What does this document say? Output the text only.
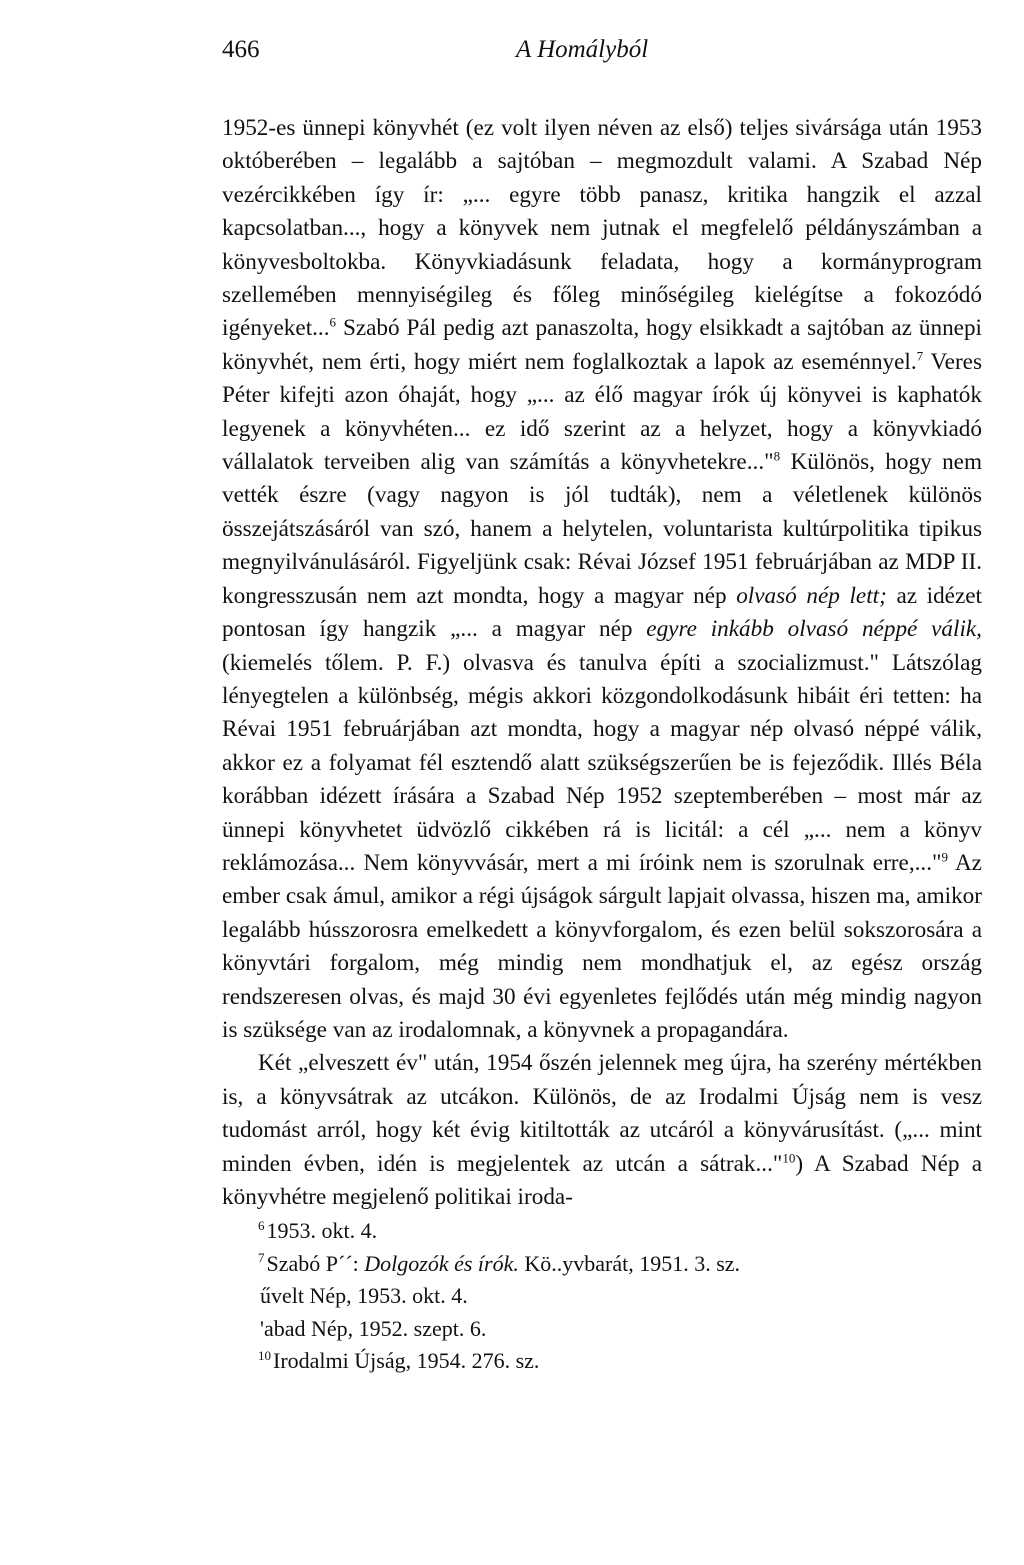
466	A Homályból

1952-es ünnepi könyvhét (ez volt ilyen néven az első) teljes sivársága után 1953 októberében – legalább a sajtóban – megmozdult valami. A Szabad Nép vezércikkében így ír: „... egyre több panasz, kritika hangzik el azzal kapcsolatban..., hogy a könyvek nem jutnak el megfelelő példányszámban a könyvesboltokba. Könyvkiadásunk feladata, hogy a kormányprogram szellemében mennyiségileg és főleg minőségileg kielégítse a fokozódó igényeket...$^6$ Szabó Pál pedig azt panaszolta, hogy elsikkadt a sajtóban az ünnepi könyvhét, nem érti, hogy miért nem foglalkoztak a lapok az eseménnyel.$^7$ Veres Péter kifejti azon óhaját, hogy „... az élő magyar írók új könyvei is kaphatók legyenek a könyvhéten... ez idő szerint az a helyzet, hogy a könyvkiadó vállalatok terveiben alig van számítás a könyvhetekre..."$^8$ Különös, hogy nem vették észre (vagy nagyon is jól tudták), nem a véletlenek különös összejátszásáról van szó, hanem a helytelen, voluntarista kultúrpolitika tipikus megnyilvánulásáról. Figyeljünk csak: Révai József 1951 februárjában az MDP II. kongresszusán nem azt mondta, hogy a magyar nép olvasó nép lett; az idézet pontosan így hangzik „... a magyar nép egyre inkább olvasó néppé válik, (kiemelés tőlem. P. F.) olvasva és tanulva építi a szocializmust." Látszólag lényegtelen a különbség, mégis akkori közgondolkodásunk hibáit éri tetten: ha Révai 1951 februárjában azt mondta, hogy a magyar nép olvasó néppé válik, akkor ez a folyamat fél esztendő alatt szükségszerűen be is fejeződik. Illés Béla korábban idézett írására a Szabad Nép 1952 szeptemberében – most már az ünnepi könyvhetet üdvözlő cikkében rá is licitál: a cél „... nem a könyv reklámozása... Nem könyvvásár, mert a mi íróink nem is szorulnak erre,..."$^9$ Az ember csak ámul, amikor a régi újságok sárgult lapjait olvassa, hiszen ma, amikor legalább hússzorosra emelkedett a könyvforgalom, és ezen belül sokszorosára a könyvtári forgalom, még mindig nem mondhatjuk el, az egész ország rendszeresen olvas, és majd 30 évi egyenletes fejlődés után még mindig nagyon is szüksége van az irodalomnak, a könyvnek a propagandára.

Két „elveszett év" után, 1954 őszén jelennek meg újra, ha szerény mértékben is, a könyvsátrak az utcákon. Különös, de az Irodalmi Újság nem is vesz tudomást arról, hogy két évig kitiltották az utcáról a könyvárusítást. („... mint minden évben, idén is megjelentek az utcán a sátrak..."$^{10}$) A Szabad Nép a könyvhétre megjelenő politikai iroda-

$^6$1953. okt. 4.
$^7$Szabó P´´: Dolgozók és írók. Kö..yvbarát, 1951. 3. sz.
űvelt Nép, 1953. okt. 4.
'abad Nép, 1952. szept. 6.
$^{10}$Irodalmi Újság, 1954. 276. sz.
